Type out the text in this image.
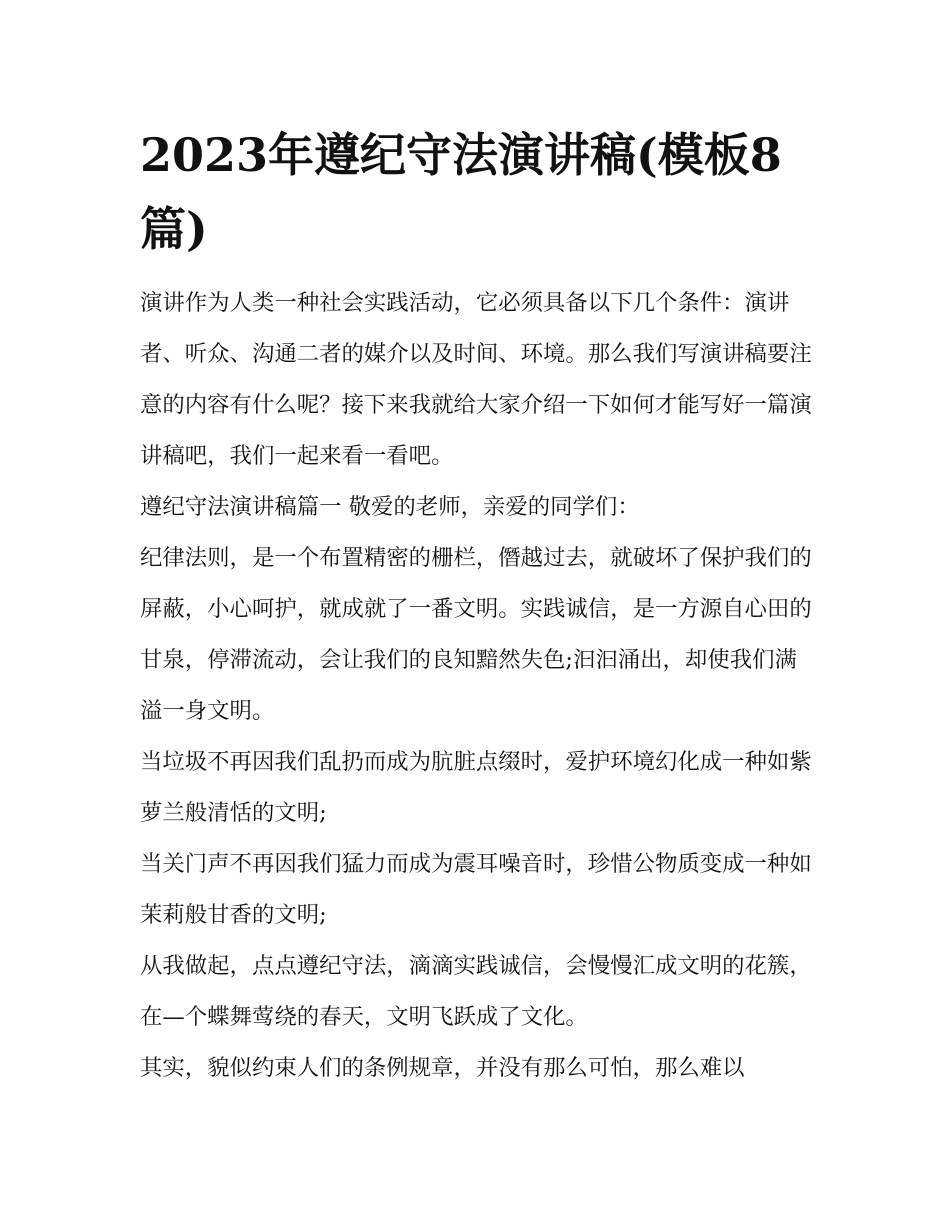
2023年遵纪守法演讲稿(模板8篇)

演讲作为人类一种社会实践活动，它必须具备以下几个条件：演讲者、听众、沟通二者的媒介以及时间、环境。那么我们写演讲稿要注意的内容有什么呢？接下来我就给大家介绍一下如何才能写好一篇演讲稿吧，我们一起来看一看吧。

遵纪守法演讲稿篇一 敬爱的老师，亲爱的同学们：

纪律法则，是一个布置精密的栅栏，僭越过去，就破坏了保护我们的屏蔽，小心呵护，就成就了一番文明。实践诚信，是一方源自心田的甘泉，停滞流动，会让我们的良知黯然失色;汩汩涌出，却使我们满溢一身文明。

当垃圾不再因我们乱扔而成为肮脏点缀时，爱护环境幻化成一种如紫萝兰般清恬的文明;

当关门声不再因我们猛力而成为震耳噪音时，珍惜公物质变成一种如茉莉般甘香的文明;

从我做起，点点遵纪守法，滴滴实践诚信，会慢慢汇成文明的花簇，在—个蝶舞莺绕的春天，文明飞跃成了文化。

其实，貌似约束人们的条例规章，并没有那么可怕，那么难以
